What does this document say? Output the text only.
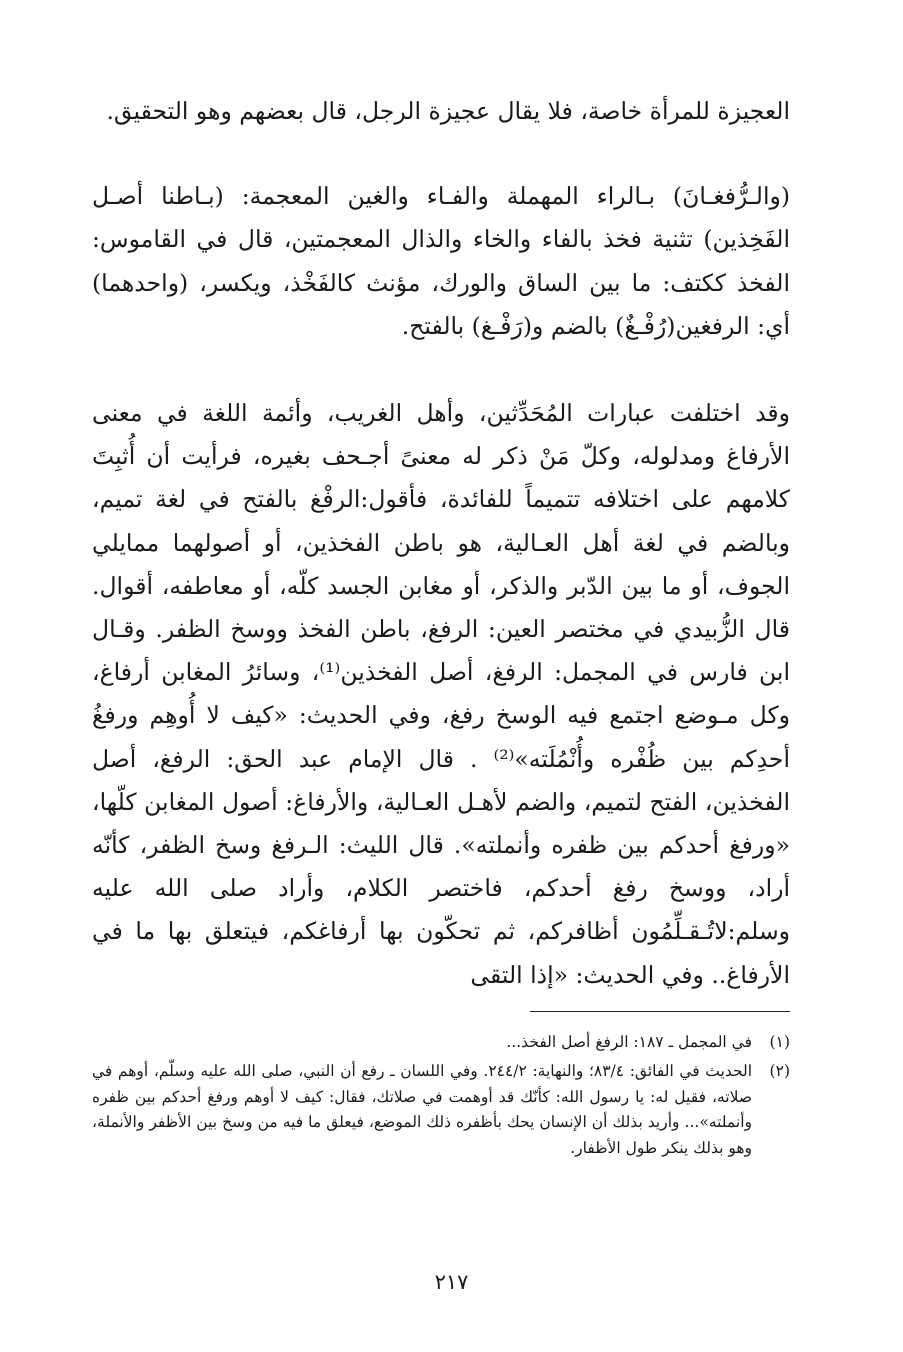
العجيزة للمرأة خاصة، فلا يقال عجيزة الرجل، قال بعضهم وهو التحقيق.

(والـرُّفغـانَ) بـالراء المهملة والفـاء والغين المعجمة: (بـاطنا أصـل الفَخِذين) تثنية فخذ بالفاء والخاء والذال المعجمتين، قال في القاموس: الفخذ ككتف: ما بين الساق والورك، مؤنث كالفَخْذ، ويكسر، (واحدهما) أي: الرفغين(رُفْـغٌ) بالضم و(رَفْـغ) بالفتح.

وقد اختلفت عبارات المُحَدِّثين، وأهل الغريب، وأئمة اللغة في معنى الأرفاغ ومدلوله، وكلّ مَنْ ذكر له معنىً أجـحف بغيره، فرأيت أن أُثبِتَ كلامهم على اختلافه تتميماً للفائدة، فأقول:الرفْغ بالفتح في لغة تميم، وبالضم في لغة أهل العـالية، هو باطن الفخذين، أو أصولهما ممايلي الجوف، أو ما بين الدّبر والذكر، أو مغابن الجسد كلّه، أو معاطفه، أقوال. قال الزُّبيدي في مختصر العين: الرفغ، باطن الفخذ ووسخ الظفر. وقـال ابن فارس في المجمل: الرفغ، أصل الفخذين⁽¹⁾، وسائرُ المغابن أرفاغ، وكل مـوضع اجتمع فيه الوسخ رفغ، وفي الحديث: «كيف لا أُوهِم ورفغُ أحدِكم بين ظُفْره وأُنْمُلَته»⁽²⁾ . قال الإمام عبد الحق: الرفغ، أصل الفخذين، الفتح لتميم، والضم لأهـل العـالية، والأرفاغ: أصول المغابن كلّها، «ورفغ أحدكم بين ظفره وأنملته». قال الليث: الـرفغ وسخ الظفر، كأنّه أراد، ووسخ رفغ أحدكم، فاختصر الكلام، وأراد صلى الله عليه وسلم:لاتُـقـلِّمُون أظافركم، ثم تحكّون بها أرفاغكم، فيتعلق بها ما في الأرفاغ.. وفي الحديث: «إذا التقى

(١)
في المجمل ـ ١٨٧: الرفغ أصل الفخذ...
(٢)
الحديث في الفائق: ٨٣/٤؛ والنهاية: ٢٤٤/٢. وفي اللسان ـ رفع أن النبي، صلى الله عليه وسلّم، أوهم في صلاته، فقيل له: يا رسول الله: كأنّك قد أوهمت في صلاتك، فقال: كيف لا أوهم ورفغ أحدكم بين ظفره وأنملته»... وأريد بذلك أن الإنسان يحك بأظفره ذلك الموضع، فيعلق ما فيه من وسخ بين الأظفر والأنملة، وهو بذلك ينكر طول الأظفار.
٢١٧
